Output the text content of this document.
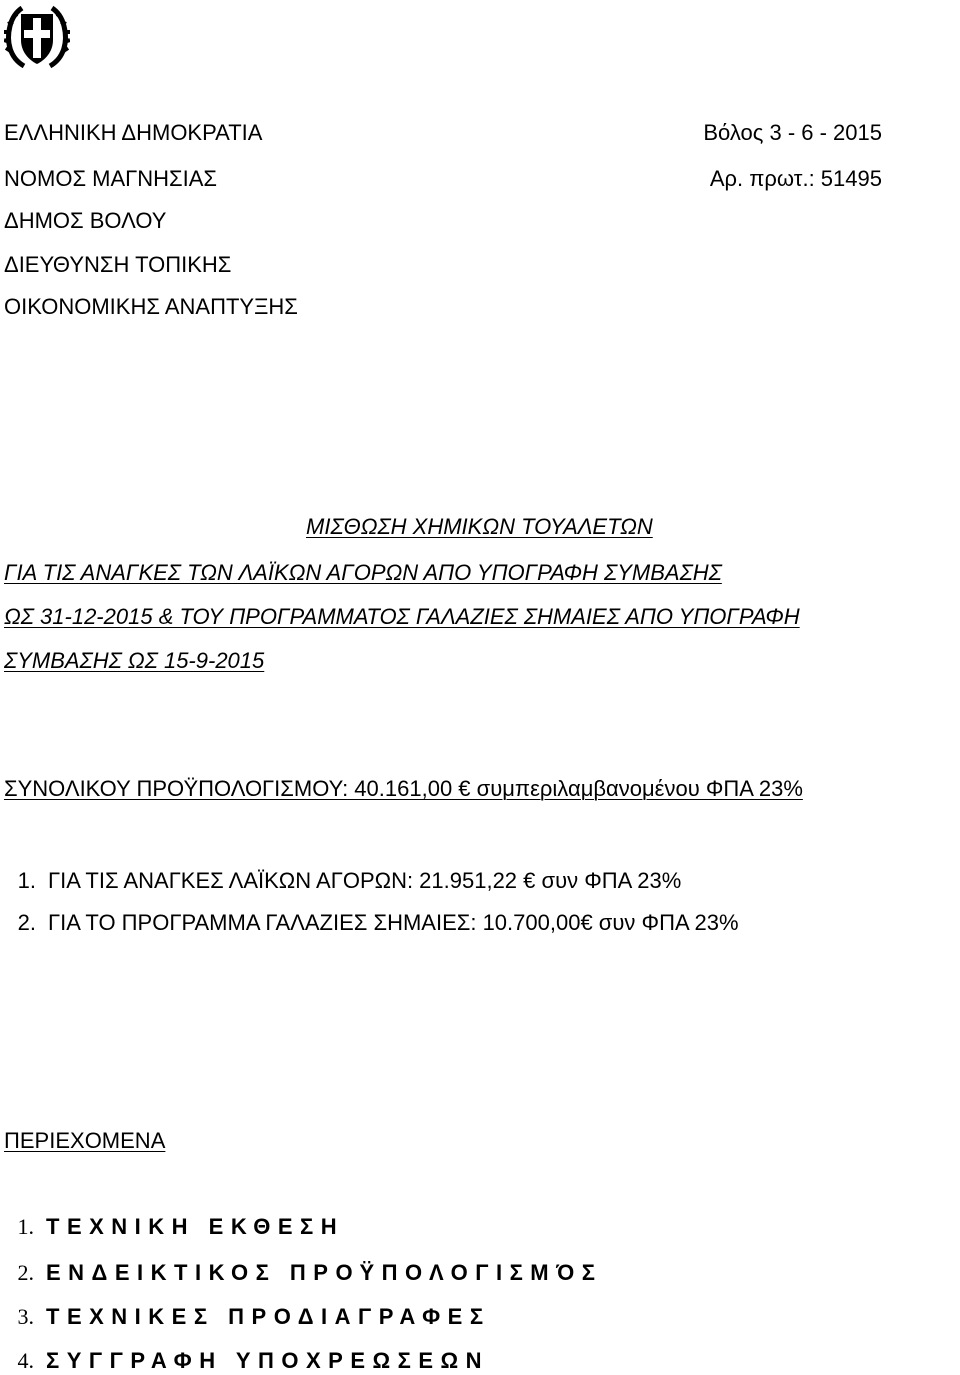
ΕΛΛΗΝΙΚΗ ΔΗΜΟΚΡΑΤΙΑ
ΝΟΜΟΣ ΜΑΓΝΗΣΙΑΣ
ΔΗΜΟΣ ΒΟΛΟΥ
ΔΙΕΥΘΥΝΣΗ ΤΟΠΙΚΗΣ
ΟΙΚΟΝΟΜΙΚΗΣ ΑΝΑΠΤΥΞΗΣ
Βόλος 3 - 6 - 2015
Αρ. πρωτ.: 51495
ΜΙΣΘΩΣΗ ΧΗΜΙΚΩΝ ΤΟΥΑΛΕΤΩΝ
ΓΙΑ ΤΙΣ ΑΝΑΓΚΕΣ ΤΩΝ ΛΑΪΚΩΝ ΑΓΟΡΩΝ ΑΠΟ ΥΠΟΓΡΑΦΗ ΣΥΜΒΑΣΗΣ
ΩΣ 31-12-2015 & ΤΟΥ ΠΡΟΓΡΑΜΜΑΤΟΣ ΓΑΛΑΖΙΕΣ ΣΗΜΑΙΕΣ ΑΠΟ ΥΠΟΓΡΑΦΗ
ΣΥΜΒΑΣΗΣ ΩΣ 15-9-2015
ΣΥΝΟΛΙΚΟΥ ΠΡΟΫΠΟΛΟΓΙΣΜΟΥ: 40.161,00 € συμπεριλαμβανομένου ΦΠΑ 23%
1. ΓΙΑ ΤΙΣ ΑΝΑΓΚΕΣ ΛΑΪΚΩΝ ΑΓΟΡΩΝ: 21.951,22 € συν ΦΠΑ 23%
2. ΓΙΑ ΤΟ ΠΡΟΓΡΑΜΜΑ ΓΑΛΑΖΙΕΣ ΣΗΜΑΙΕΣ: 10.700,00€ συν ΦΠΑ 23%
ΠΕΡΙΕΧΟΜΕΝΑ
1. ΤΕΧΝΙΚΗ ΕΚΘΕΣΗ
2. ΕΝΔΕΙΚΤΙΚΟΣ ΠΡΟΫΠΟΛΟΓΙΣΜΌΣ
3. ΤΕΧΝΙΚΕΣ ΠΡΟΔΙΑΓΡΑΦΕΣ
4. ΣΥΓΓΡΑΦΗ ΥΠΟΧΡΕΩΣΕΩΝ
